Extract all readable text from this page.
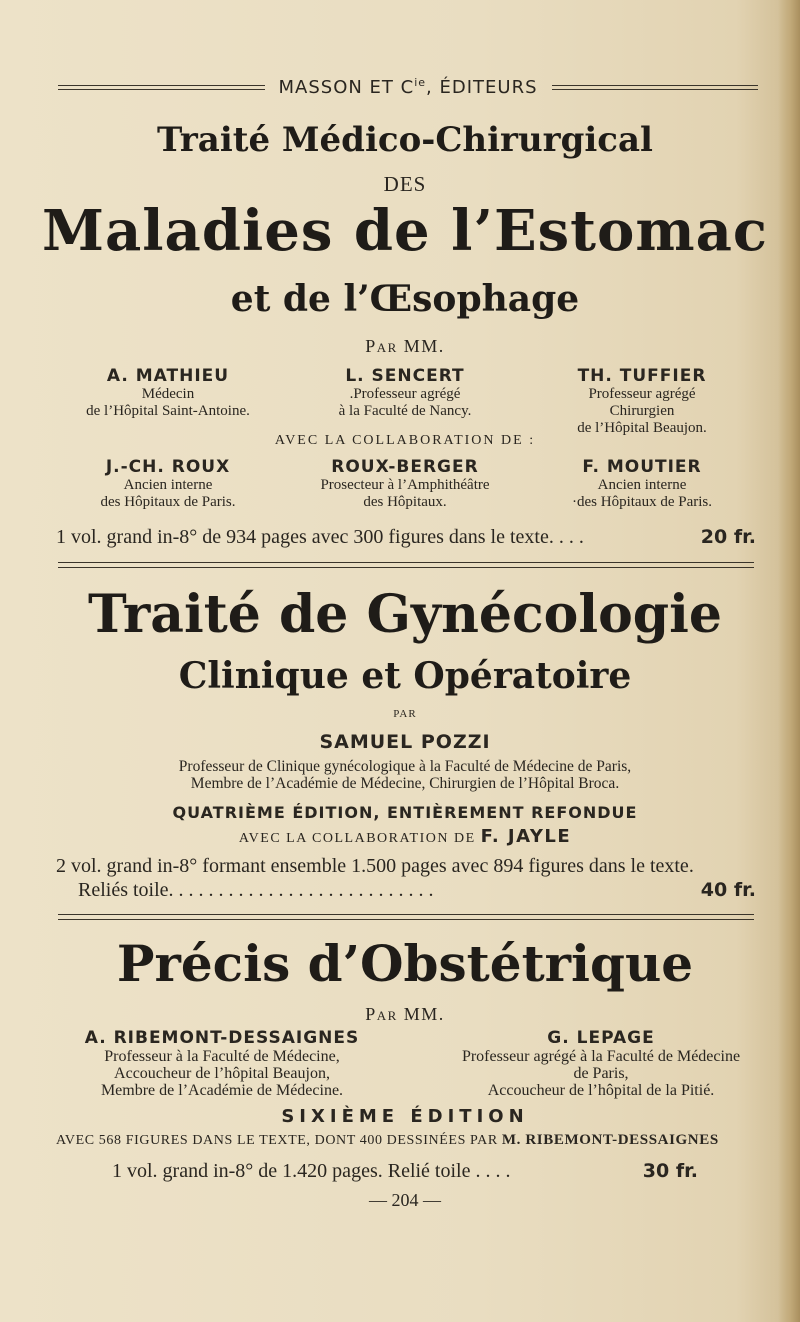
MASSON ET $C^{ie}$, ÉDITEURS
Traité Médico-Chirurgical
DES
Maladies de l’Estomac
et de l’Œsophage
Par MM.
A. MATHIEU
Médecin
de l’Hôpital Saint-Antoine.
L. SENCERT
.Professeur agrégé
à la Faculté de Nancy.
TH. TUFFIER
Professeur agrégé
Chirurgien
de l’Hôpital Beaujon.
AVEC LA COLLABORATION DE :
J.-CH. ROUX
Ancien interne
des Hôpitaux de Paris.
ROUX-BERGER
Prosecteur à l’Amphithéâtre
des Hôpitaux.
F. MOUTIER
Ancien interne
·des Hôpitaux de Paris.
1 vol. grand in-8° de 934 pages avec 300 figures dans le texte. . . .	20 fr.
Traité de Gynécologie
Clinique et Opératoire
PAR
SAMUEL POZZI
Professeur de Clinique gynécologique à la Faculté de Médecine de Paris,
Membre de l’Académie de Médecine, Chirurgien de l’Hôpital Broca.
QUATRIÈME ÉDITION, ENTIÈREMENT REFONDUE
AVEC LA COLLABORATION DE F. JAYLE
2 vol. grand in-8° formant ensemble 1.500 pages avec 894 figures dans le texte.
Reliés toile. . . . . . . . . . . . . . . . . . . . . . . . . . .	40 fr.
Précis d’Obstétrique
Par MM.
A. RIBEMONT-DESSAIGNES
Professeur à la Faculté de Médecine,
Accoucheur de l’hôpital Beaujon,
Membre de l’Académie de Médecine.
G. LEPAGE
Professeur agrégé à la Faculté de Médecine
de Paris,
Accoucheur de l’hôpital de la Pitié.
SIXIÈME ÉDITION
AVEC 568 FIGURES DANS LE TEXTE, DONT 400 DESSINÉES PAR M. RIBEMONT-DESSAIGNES
1 vol. grand in-8° de 1.420 pages. Relié toile . . . .	30 fr.
— 204 —
